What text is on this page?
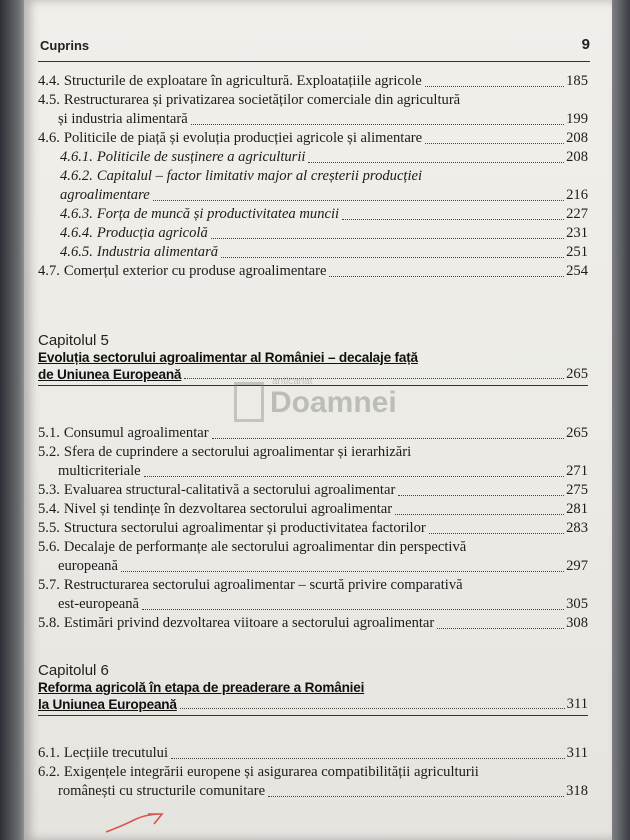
Cuprins	9
4.4. Structurile de exploatare în agricultură. Exploatațiile agricole	185
4.5. Restructurarea și privatizarea societăților comerciale din agricultură
și industria alimentară	199
4.6. Politicile de piață și evoluția producției agricole și alimentare	208
4.6.1. Politicile de susținere a agriculturii	208
4.6.2. Capitalul – factor limitativ major al creșterii producției
agroalimentare	216
4.6.3. Forța de muncă și productivitatea muncii	227
4.6.4. Producția agricolă	231
4.6.5. Industria alimentară	251
4.7. Comerțul exterior cu produse agroalimentare	254
Capitolul 5
Evoluția sectorului agroalimentar al României – decalaje față
de Uniunea Europeană	265
5.1. Consumul agroalimentar	265
5.2. Sfera de cuprindere a sectorului agroalimentar și ierarhizări
multicriteriale	271
5.3. Evaluarea structural-calitativă a sectorului agroalimentar	275
5.4. Nivel și tendințe în dezvoltarea sectorului agroalimentar	281
5.5. Structura sectorului agroalimentar și productivitatea factorilor	283
5.6. Decalaje de performanțe ale sectorului agroalimentar din perspectivă
europeană	297
5.7. Restructurarea sectorului agroalimentar – scurtă privire comparativă
est-europeană	305
5.8. Estimări privind dezvoltarea viitoare a sectorului agroalimentar	308
Capitolul 6
Reforma agricolă în etapa de preaderare a României
la Uniunea Europeană	311
6.1. Lecțiile trecutului	311
6.2. Exigențele integrării europene și asigurarea compatibilității agriculturii
românești cu structurile comunitare	318
anticariat
Doamnei
